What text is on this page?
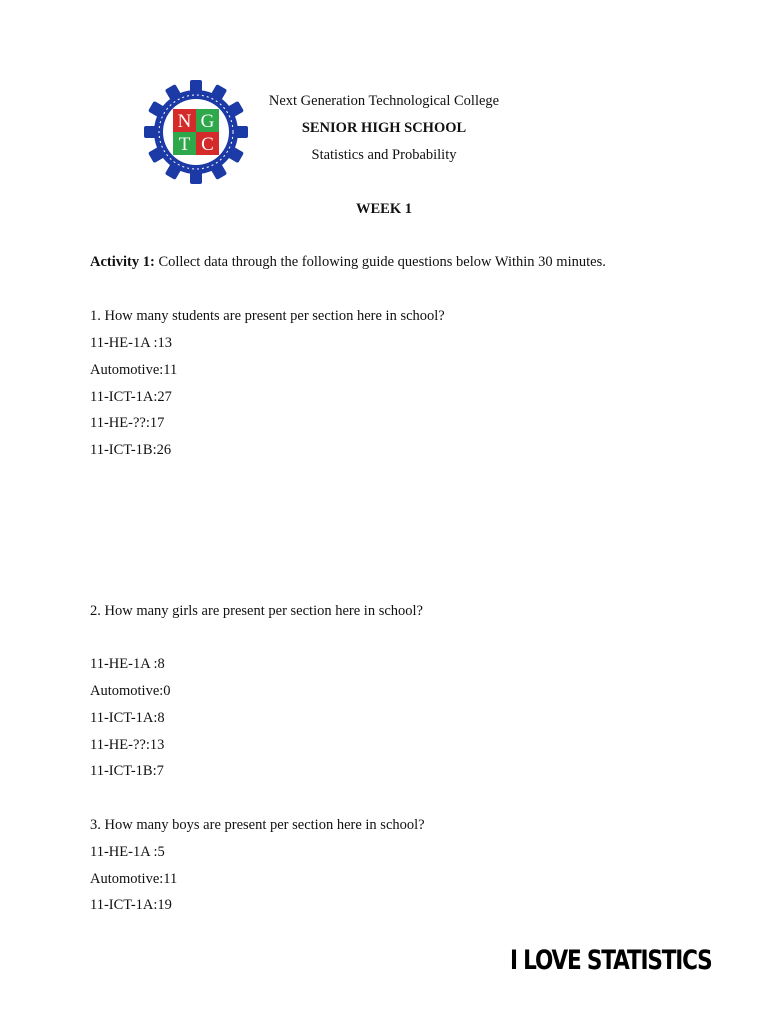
N G
T C
Next Generation Technological College
SENIOR HIGH SCHOOL
Statistics and Probability
WEEK 1
Activity 1: Collect data through the following guide questions below Within 30 minutes.
1. How many students are present per section here in school?
11-HE-1A :13
Automotive:11
11-ICT-1A:27
11-HE-??:17
11-ICT-1B:26
2. How many girls are present per section here in school?
11-HE-1A :8
Automotive:0
11-ICT-1A:8
11-HE-??:13
11-ICT-1B:7
3. How many boys are present per section here in school?
11-HE-1A :5
Automotive:11
11-ICT-1A:19
I LOVE STATISTICS
